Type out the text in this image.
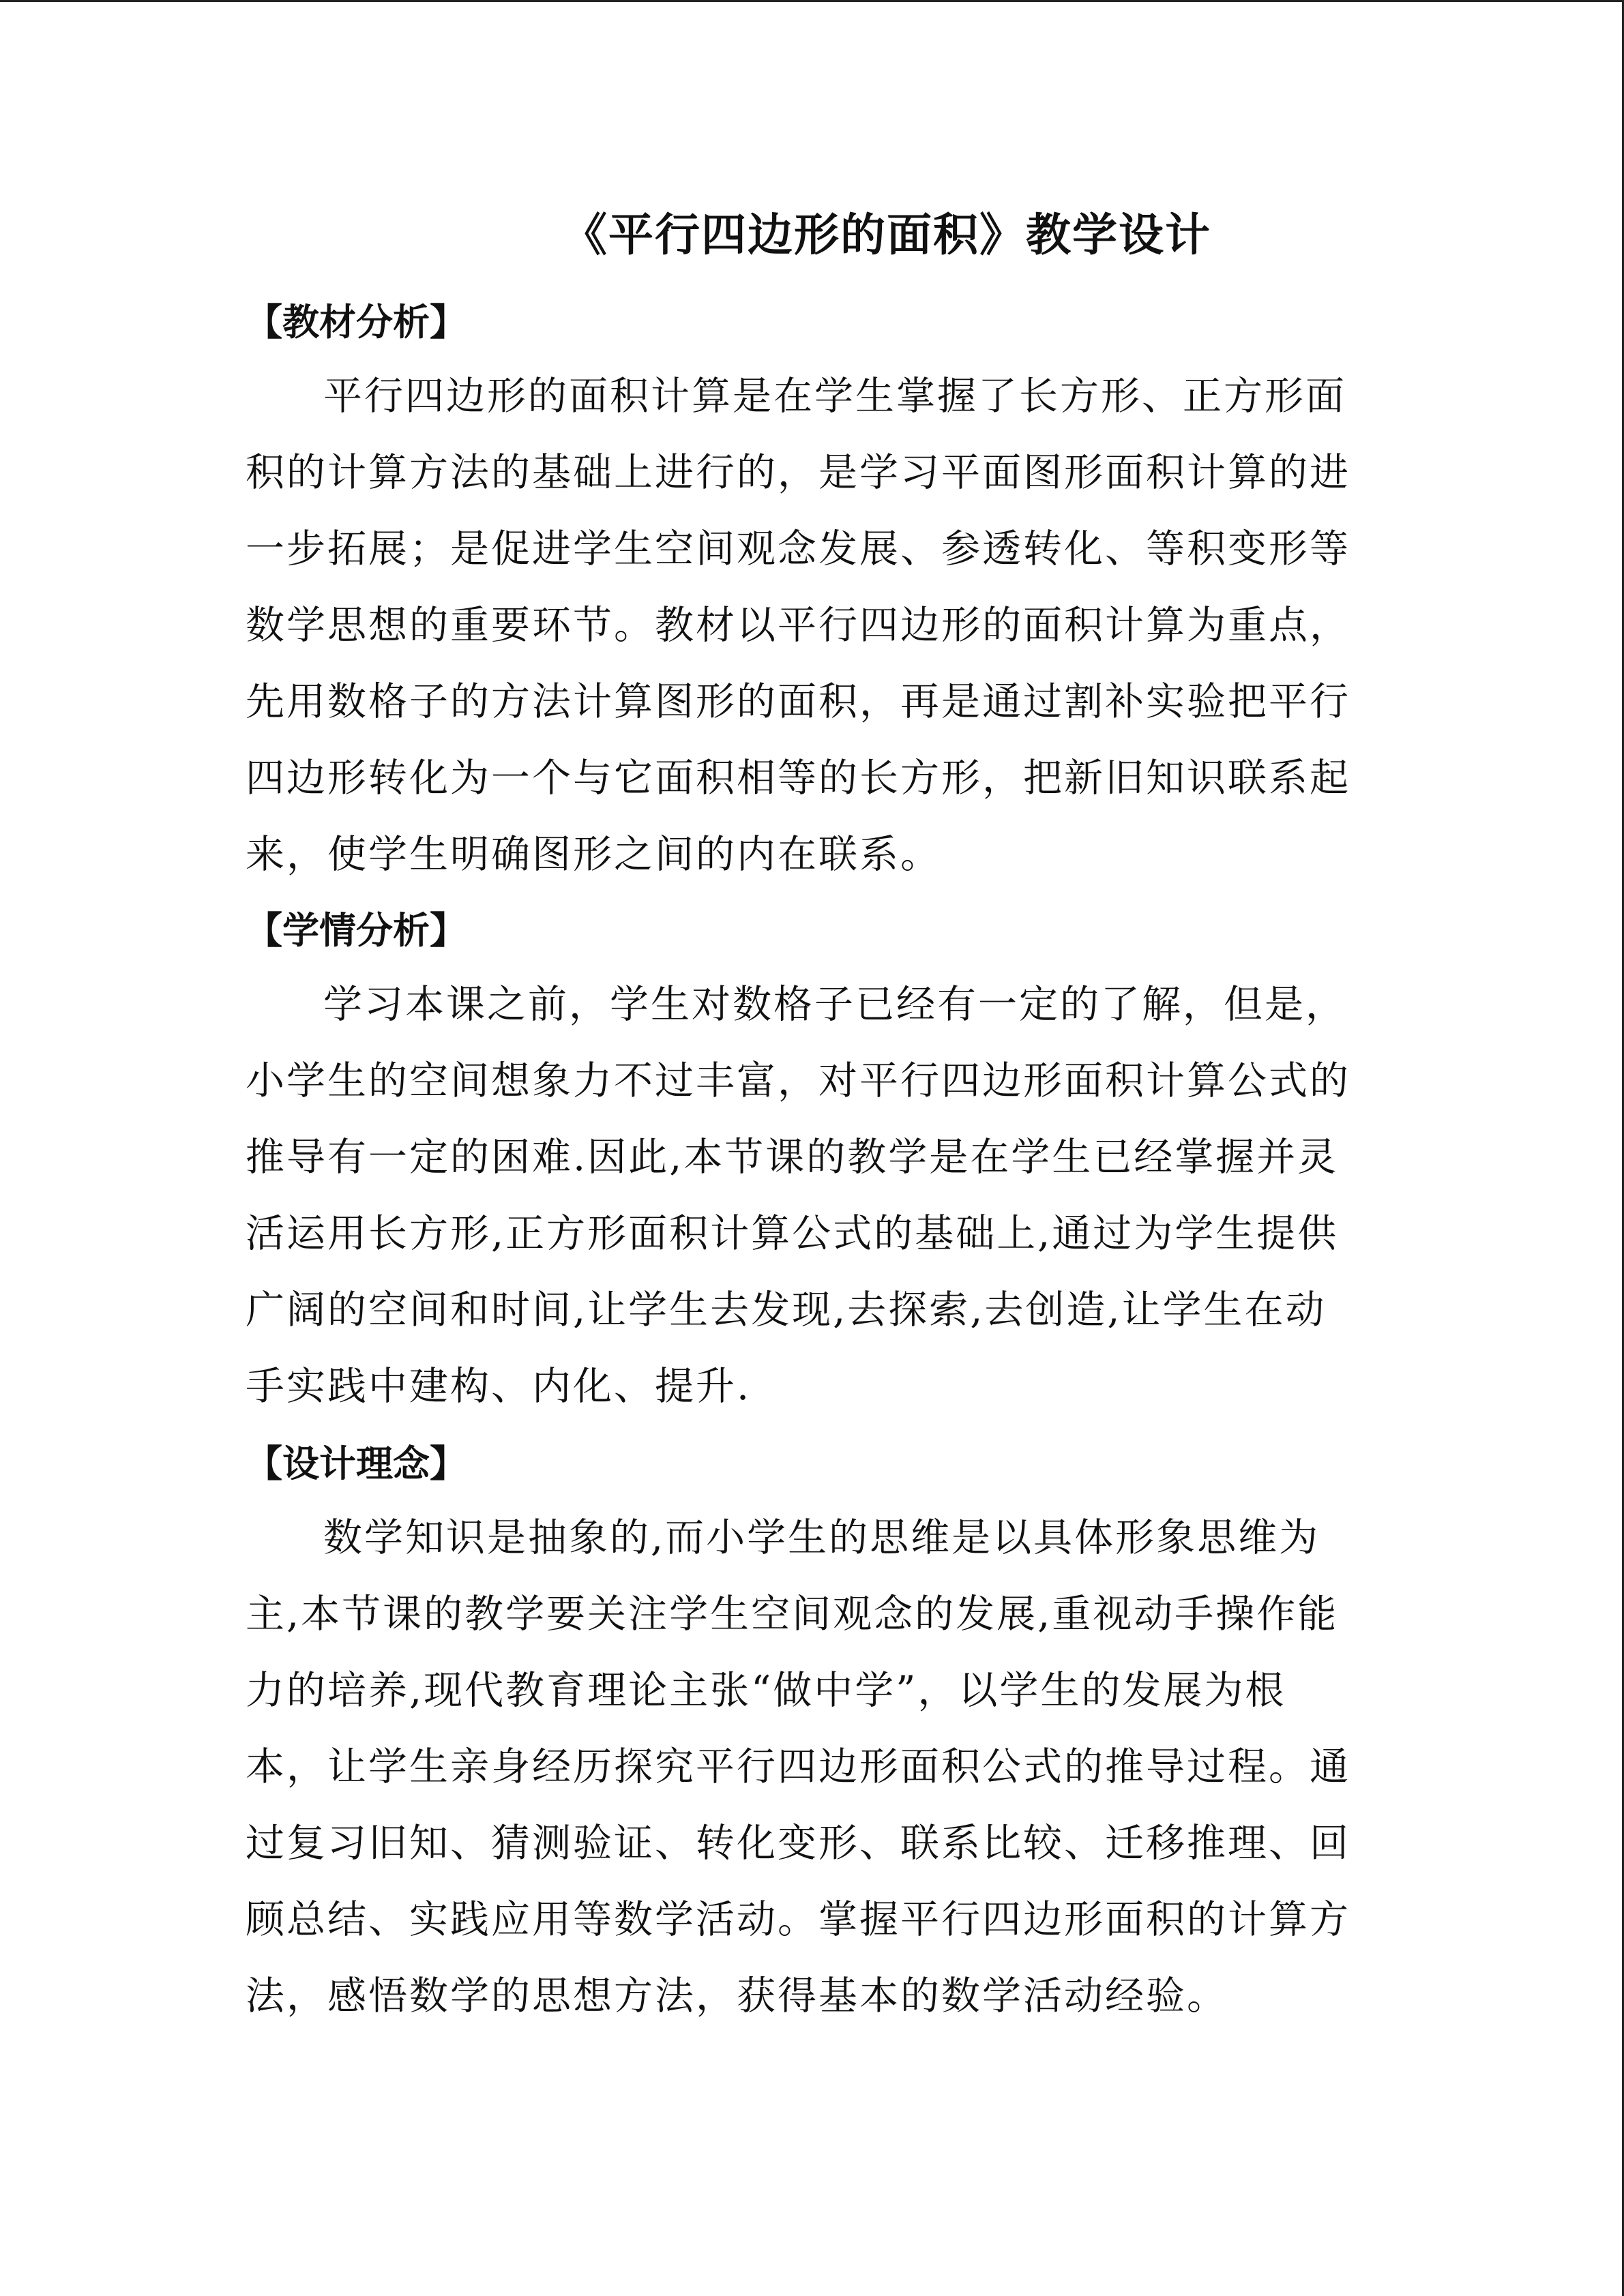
《平行四边形的面积》教学设计
【教材分析】
平行四边形的面积计算是在学生掌握了长方形、正方形面
积的计算方法的基础上进行的，是学习平面图形面积计算的进
一步拓展；是促进学生空间观念发展、参透转化、等积变形等
数学思想的重要环节。教材以平行四边形的面积计算为重点，
先用数格子的方法计算图形的面积，再是通过割补实验把平行
四边形转化为一个与它面积相等的长方形，把新旧知识联系起
来，使学生明确图形之间的内在联系。
【学情分析】
学习本课之前，学生对数格子已经有一定的了解，但是，
小学生的空间想象力不过丰富，对平行四边形面积计算公式的
推导有一定的困难.因此,本节课的教学是在学生已经掌握并灵
活运用长方形,正方形面积计算公式的基础上,通过为学生提供
广阔的空间和时间,让学生去发现,去探索,去创造,让学生在动
手实践中建构、内化、提升.
【设计理念】
数学知识是抽象的,而小学生的思维是以具体形象思维为
主,本节课的教学要关注学生空间观念的发展,重视动手操作能
力的培养,现代教育理论主张“做中学”，以学生的发展为根
本，让学生亲身经历探究平行四边形面积公式的推导过程。通
过复习旧知、猜测验证、转化变形、联系比较、迁移推理、回
顾总结、实践应用等数学活动。掌握平行四边形面积的计算方
法，感悟数学的思想方法，获得基本的数学活动经验。
